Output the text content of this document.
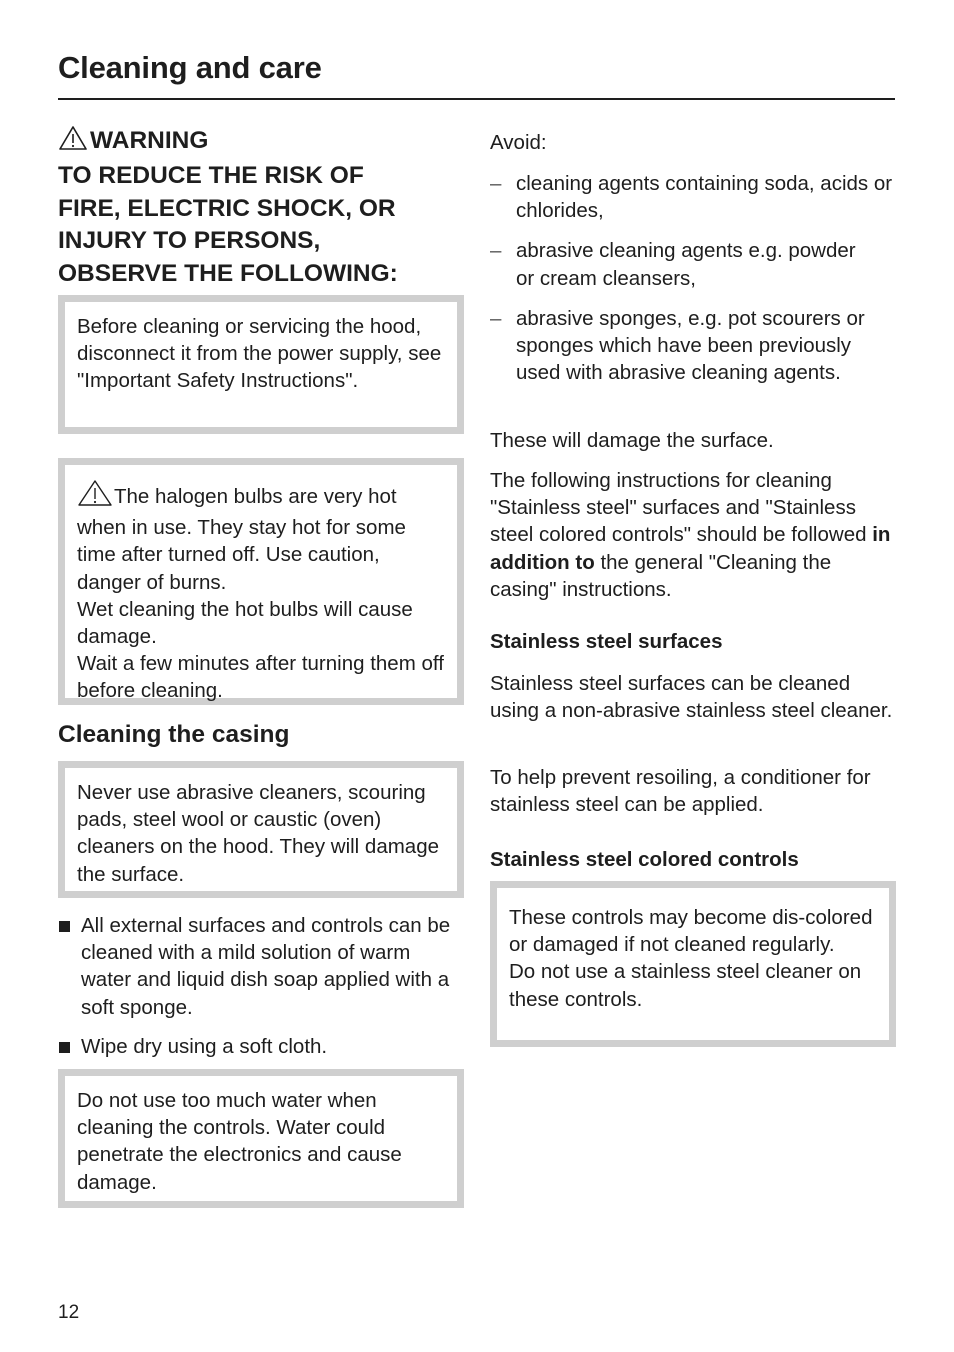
Cleaning and care
WARNING
TO REDUCE THE RISK OF
FIRE, ELECTRIC SHOCK, OR
INJURY TO PERSONS,
OBSERVE THE FOLLOWING:

Before cleaning or servicing the hood, disconnect it from the power supply, see "Important Safety Instructions".

The halogen bulbs are very hot when in use. They stay hot for some time after turned off. Use caution, danger of burns.

Wet cleaning the hot bulbs will cause damage.

Wait a few minutes after turning them off before cleaning.

Cleaning the casing

Never use abrasive cleaners, scouring pads, steel wool or caustic (oven) cleaners on the hood. They will damage the surface.

All external surfaces and controls can be cleaned with a mild solution of warm water and liquid dish soap applied with a soft sponge.
Wipe dry using a soft cloth.

Do not use too much water when cleaning the controls. Water could penetrate the electronics and cause damage.

Avoid:

– cleaning agents containing soda, acids or chlorides,
– abrasive cleaning agents e.g. powder or cream cleansers,
– abrasive sponges, e.g. pot scourers or sponges which have been previously used with abrasive cleaning agents.

These will damage the surface.

The following instructions for cleaning "Stainless steel" surfaces and "Stainless steel colored controls" should be followed in addition to the general "Cleaning the casing" instructions.

Stainless steel surfaces

Stainless steel surfaces can be cleaned using a non-abrasive stainless steel cleaner.

To help prevent resoiling, a conditioner for stainless steel can be applied.

Stainless steel colored controls

These controls may become dis-colored or damaged if not cleaned regularly.

Do not use a stainless steel cleaner on these controls.

12
